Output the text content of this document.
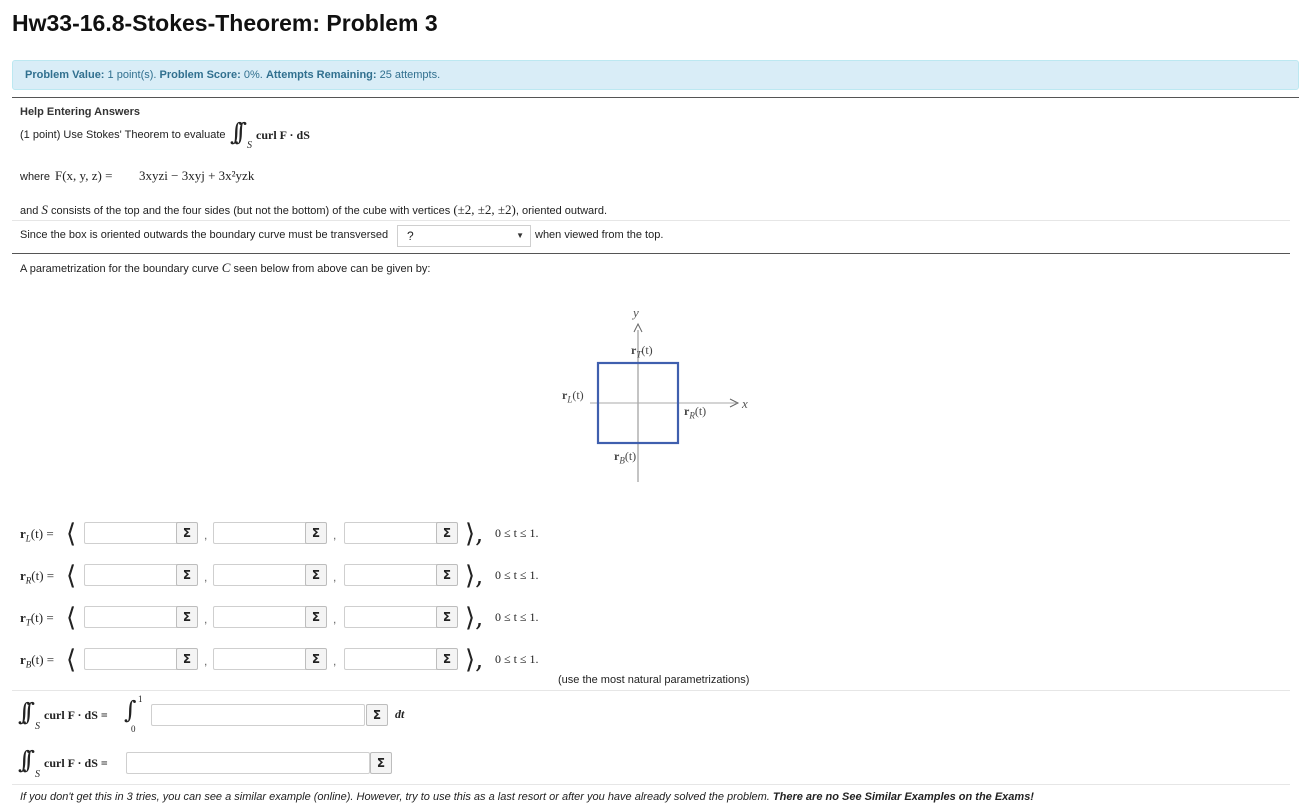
Hw33-16.8-Stokes-Theorem: Problem 3
Problem Value: 1 point(s). Problem Score: 0%. Attempts Remaining: 25 attempts.
Help Entering Answers
(1 point) Use Stokes' Theorem to evaluate ∫∫ S
curl F · dS
where F(x, y, z) = 3xyzi − 3xyj + 3x²yzk
and S consists of the top and the four sides (but not the bottom) of the cube with vertices (±2, ±2, ±2), oriented outward.
Since the box is oriented outwards the boundary curve must be transversed	?	▼ when viewed from the top.
A parametrization for the boundary curve C seen below from above can be given by:
y
x
$r_T(t)$
$r_L(t)$
$r_R(t)$
$r_B(t)$
$r_L(t)$ = ⟨	Σ	,	Σ	,	Σ ⟩, 0 ≤ t ≤ 1.
$r_R(t)$ = ⟨	Σ	,	Σ	,	Σ ⟩, 0 ≤ t ≤ 1.
$r_T(t)$ = ⟨	Σ	,	Σ	,	Σ ⟩, 0 ≤ t ≤ 1.
$r_B(t)$ = ⟨	Σ	,	Σ	,	Σ ⟩, 0 ≤ t ≤ 1.
(use the most natural parametrizations)
∫∫
S
curl F · dS = ∫ 1
0
Σ	dt
∫∫
S
curl F · dS =	Σ
If you don't get this in 3 tries, you can see a similar example (online). However, try to use this as a last resort or after you have already solved the problem. There are no See Similar Examples on the Exams!
